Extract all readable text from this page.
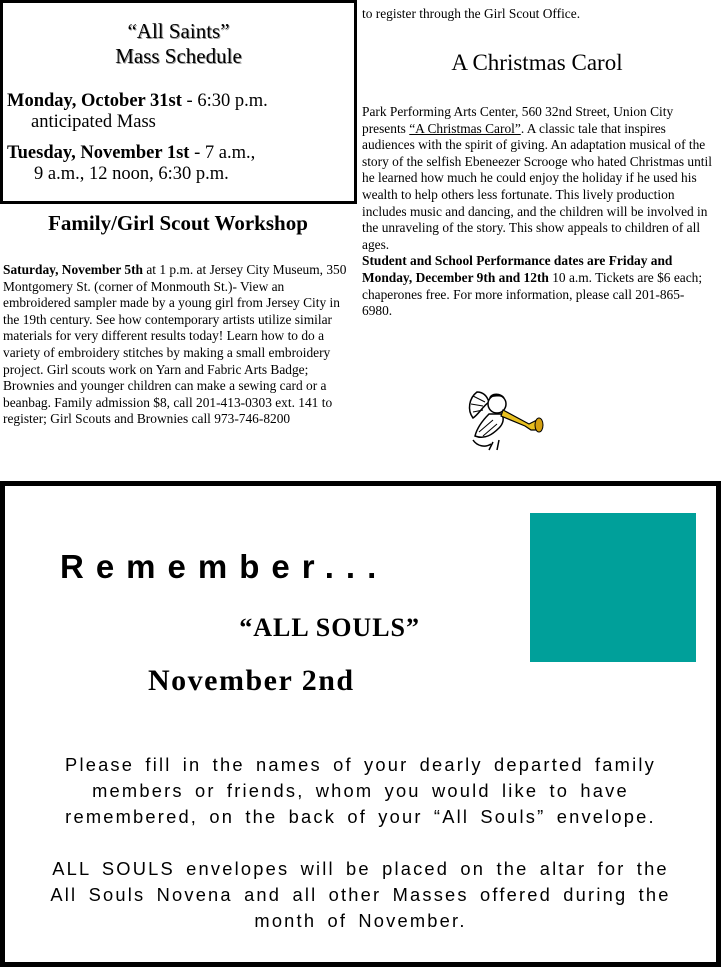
“All Saints”
Mass Schedule
Monday, October 31st - 6:30 p.m.
anticipated Mass
Tuesday, November 1st - 7 a.m.,
9 a.m., 12 noon, 6:30 p.m.
Family/Girl Scout Workshop
Saturday, November 5th at 1 p.m. at Jersey City Museum, 350 Montgomery St. (corner of Monmouth St.)- View an embroidered sampler made by a young girl from Jersey City in the 19th century. See how contemporary artists utilize similar materials for very different results today! Learn how to do a variety of embroidery stitches by making a small embroidery project. Girl scouts work on Yarn and Fabric Arts Badge; Brownies and younger children can make a sewing card or a beanbag. Family admission $8, call 201-413-0303 ext. 141 to register; Girl Scouts and Brownies call 973-746-8200
to register through the Girl Scout Office.
A Christmas Carol
Park Performing Arts Center, 560 32nd Street, Union City presents “A Christmas Carol”. A classic tale that inspires audiences with the spirit of giving. An adaptation musical of the story of the selfish Ebeneezer Scrooge who hated Christmas until he learned how much he could enjoy the holiday if he used his wealth to help others less fortunate. This lively production includes music and dancing, and the children will be involved in the unraveling of the story. This show appeals to children of all ages.
Student and School Performance dates are Friday and Monday, December 9th and 12th 10 a.m. Tickets are $6 each; chaperones free. For more information, please call 201-865-6980.
Remember...
“ALL SOULS”
November 2nd
Please fill in the names of your dearly departed family
members or friends, whom you would like to have
remembered, on the back of your “All Souls” envelope.
ALL SOULS envelopes will be placed on the altar for the
All Souls Novena and all other Masses offered during the
month of November.
